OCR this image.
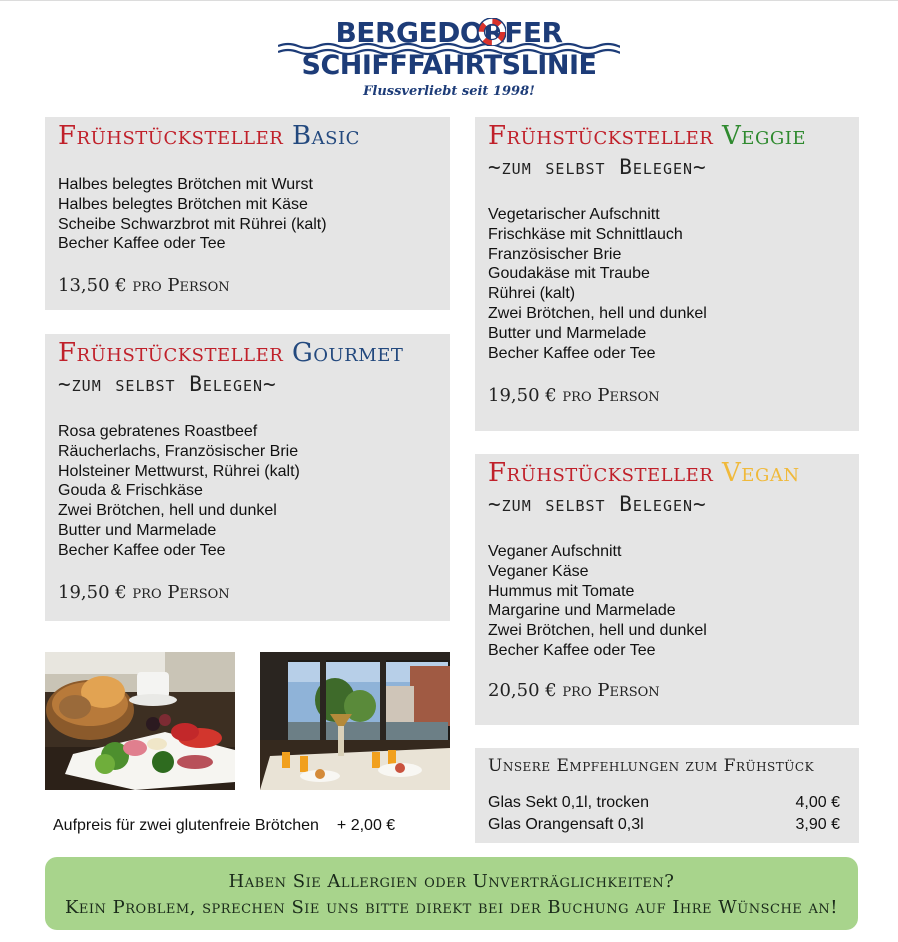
BERGEDORFER
SCHIFFFAHRTSLINIE
Flussverliebt seit 1998!
Frühstücksteller Basic
Halbes belegtes Brötchen mit Wurst
Halbes belegtes Brötchen mit Käse
Scheibe Schwarzbrot mit Rührei (kalt)
Becher Kaffee oder Tee
13,50 € pro Person
Frühstücksteller Gourmet
~zum selbst Belegen~
Rosa gebratenes Roastbeef
Räucherlachs, Französischer Brie
Holsteiner Mettwurst, Rührei (kalt)
Gouda & Frischkäse
Zwei Brötchen, hell und dunkel
Butter und Marmelade
Becher Kaffee oder Tee
19,50 € pro Person
Frühstücksteller Veggie
~zum selbst Belegen~
Vegetarischer Aufschnitt
Frischkäse mit Schnittlauch
Französischer Brie
Goudakäse mit Traube
Rührei (kalt)
Zwei Brötchen, hell und dunkel
Butter und Marmelade
Becher Kaffee oder Tee
19,50 € pro Person
Frühstücksteller Vegan
~zum selbst Belegen~
Veganer Aufschnitt
Veganer Käse
Hummus mit Tomate
Margarine und Marmelade
Zwei Brötchen, hell und dunkel
Becher Kaffee oder Tee
20,50 € pro Person
Unsere Empfehlungen zum Frühstück
Glas Sekt 0,1l, trocken	4,00 €
Glas Orangensaft 0,3l	3,90 €
Aufpreis für zwei glutenfreie Brötchen + 2,00 €
Haben Sie Allergien oder Unverträglichkeiten?
Kein Problem, sprechen Sie uns bitte direkt bei der Buchung auf Ihre Wünsche an!
